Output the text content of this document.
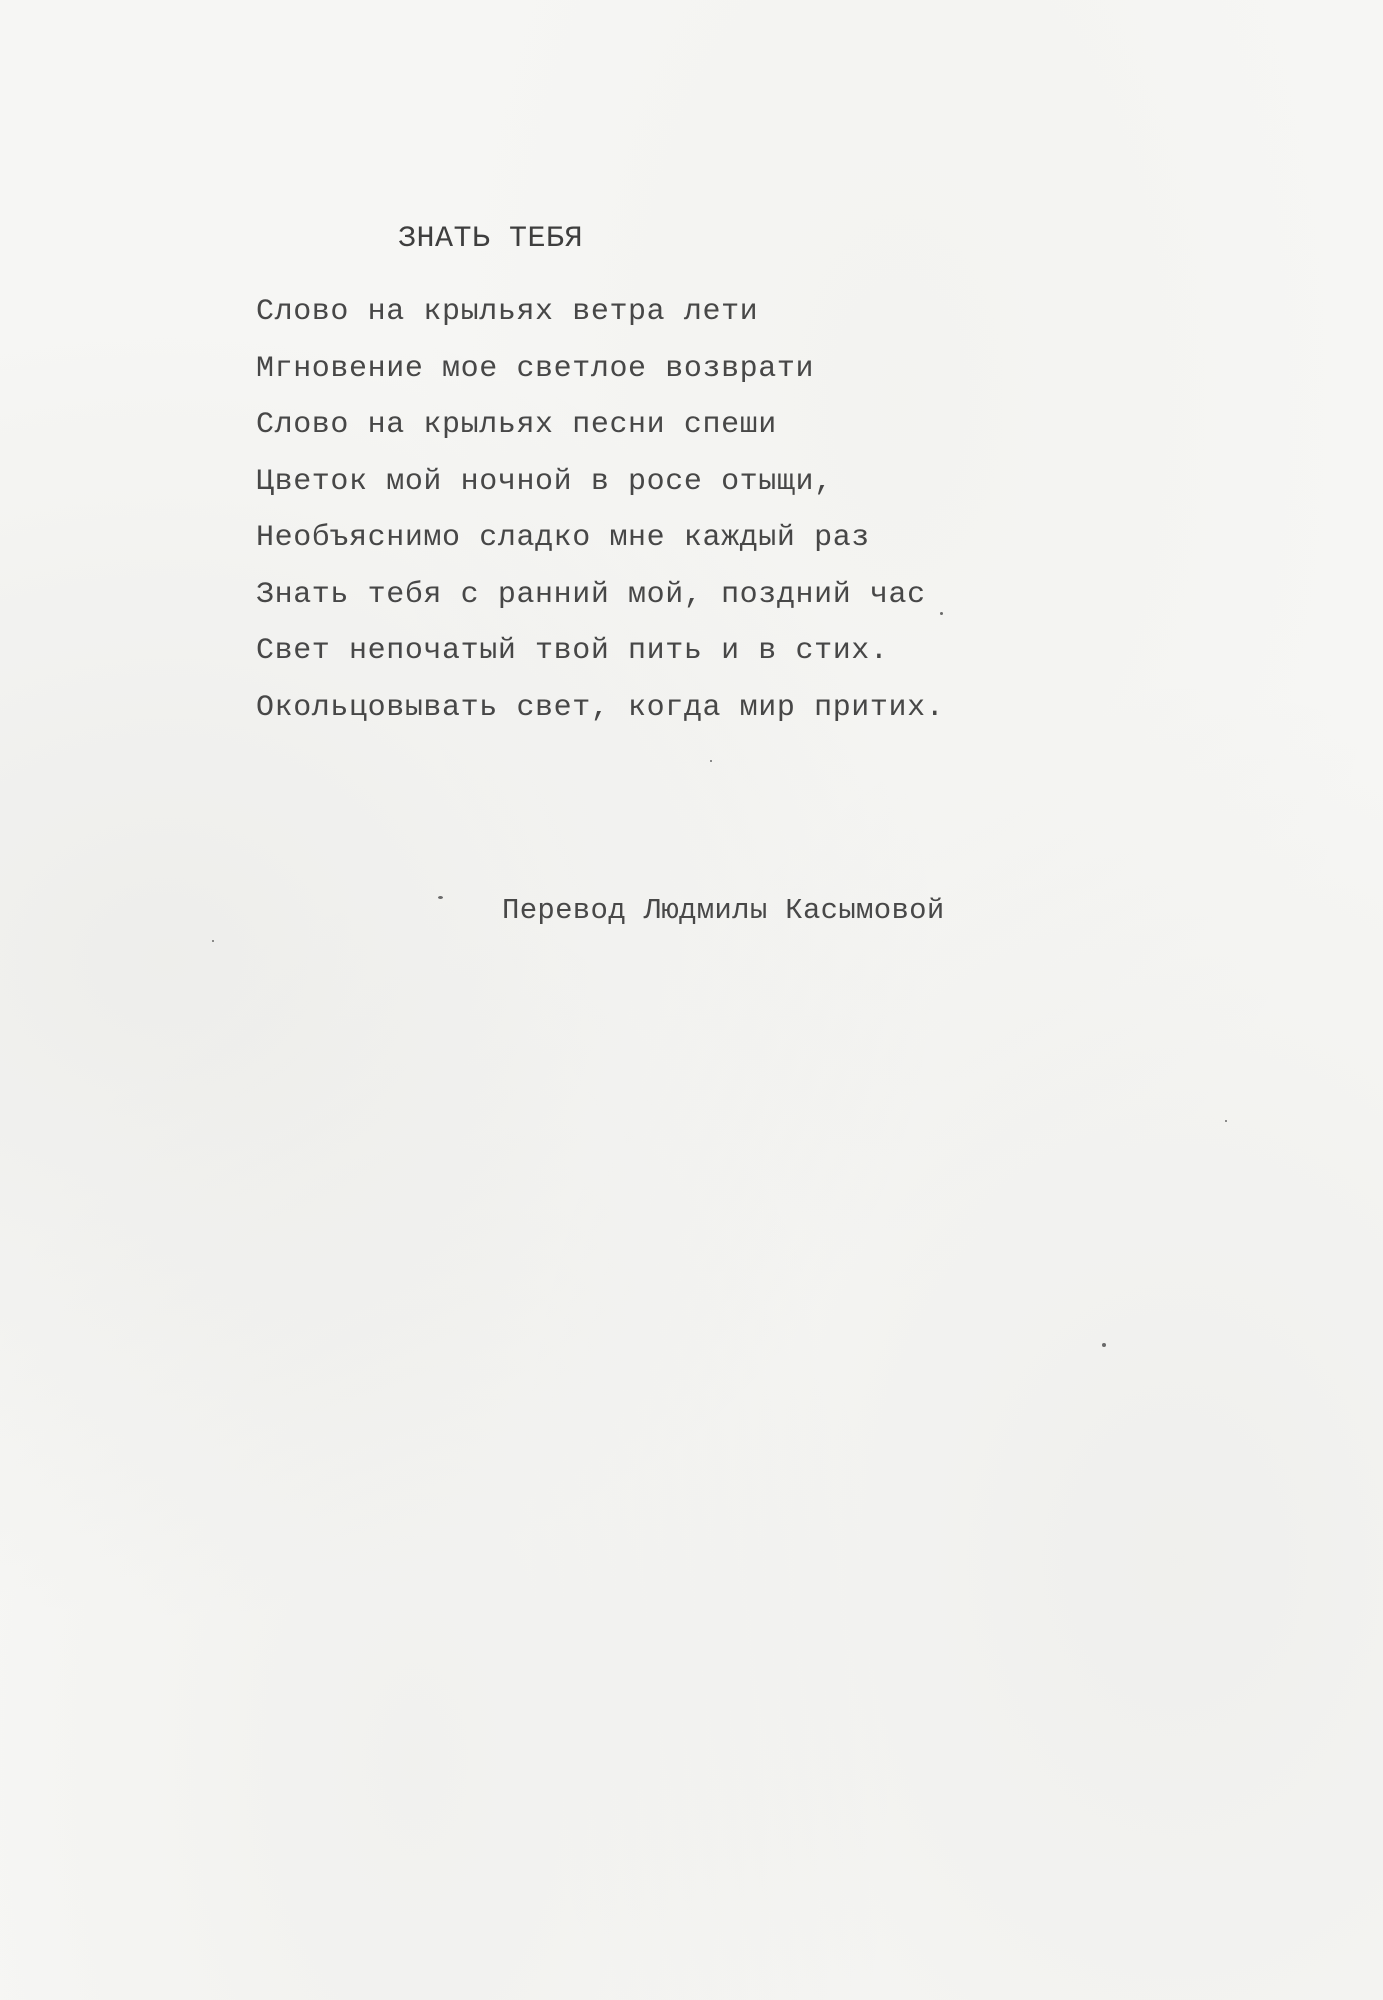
ЗНАТЬ ТЕБЯ
Слово на крыльях ветра лети
Мгновение мое светлое возврати
Слово на крыльях песни спеши
Цветок мой ночной в росе отыщи,
Необъяснимо сладко мне каждый раз
Знать тебя с ранний мой, поздний час
Свет непочатый твой пить и в стих.
Окольцовывать свет, когда мир притих.
Перевод Людмилы Касымовой
